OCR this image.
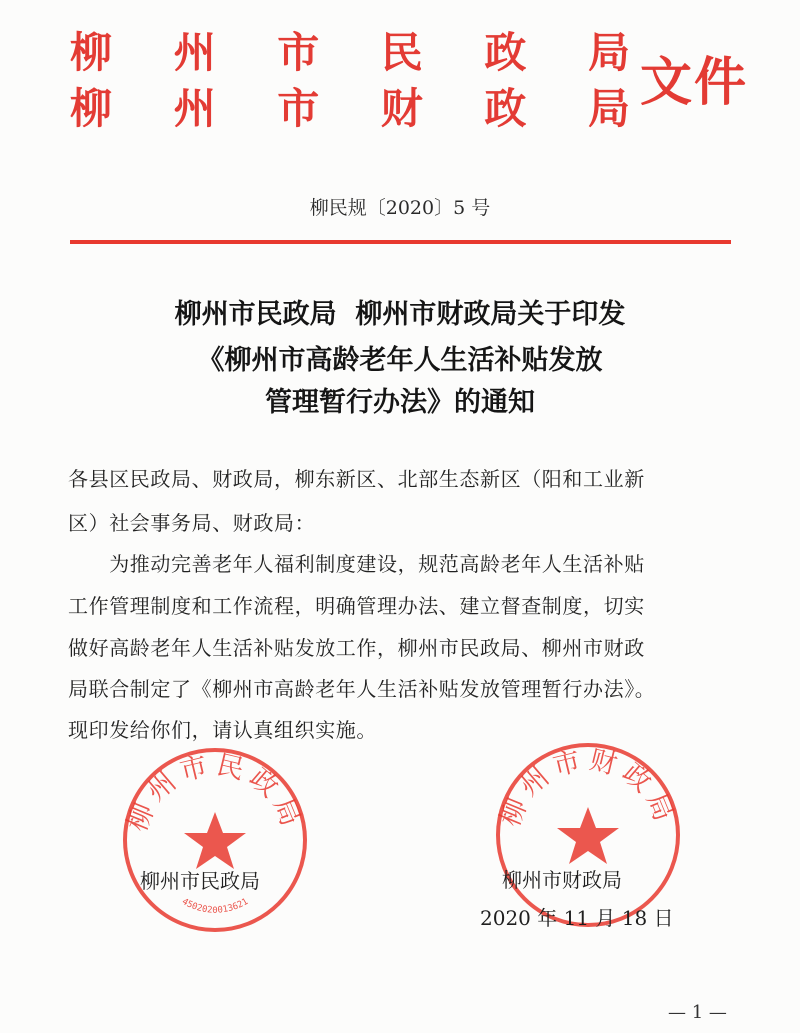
柳 州 市 民 政 局
柳 州 市 财 政 局 文件
柳民规〔2020〕5 号
柳州市民政局  柳州市财政局关于印发
《柳州市高龄老年人生活补贴发放
管理暂行办法》的通知
各县区民政局、财政局，柳东新区、北部生态新区（阳和工业新
区）社会事务局、财政局：
　　为推动完善老年人福利制度建设，规范高龄老年人生活补贴
工作管理制度和工作流程，明确管理办法、建立督查制度，切实
做好高龄老年人生活补贴发放工作，柳州市民政局、柳州市财政
局联合制定了《柳州市高龄老年人生活补贴发放管理暂行办法》。
现印发给你们，请认真组织实施。
柳州市民政局
4502020013621
柳州市财政局
柳州市民政局	柳州市财政局
2020 年 11 月 18 日
— 1 —
